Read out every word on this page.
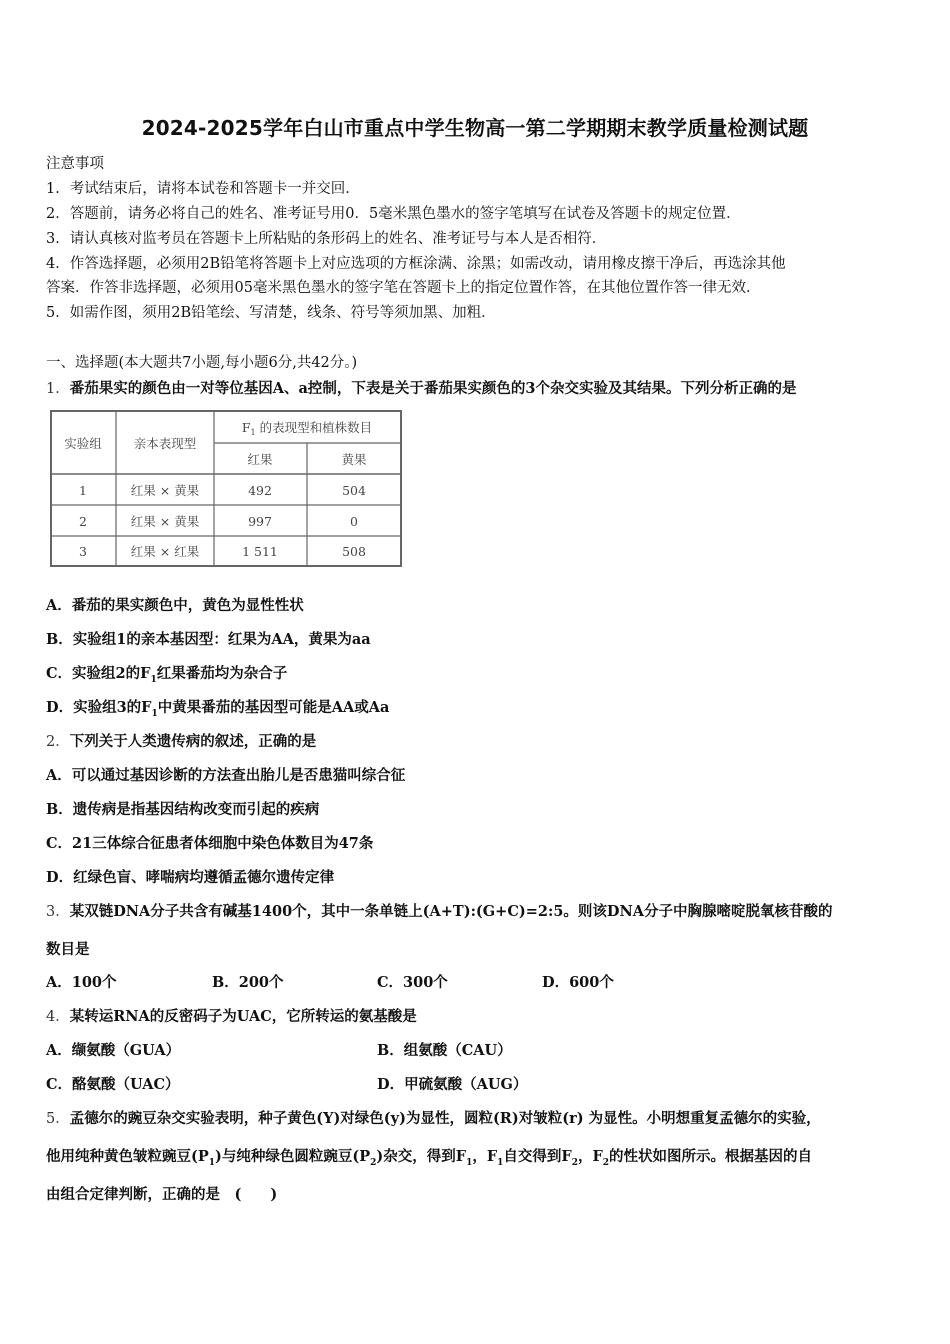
2024-2025学年白山市重点中学生物高一第二学期期末教学质量检测试题
注意事项
1．考试结束后，请将本试卷和答题卡一并交回．
2．答题前，请务必将自己的姓名、准考证号用0．5毫米黑色墨水的签字笔填写在试卷及答题卡的规定位置．
3．请认真核对监考员在答题卡上所粘贴的条形码上的姓名、准考证号与本人是否相符．
4．作答选择题，必须用2B铅笔将答题卡上对应选项的方框涂满、涂黑；如需改动，请用橡皮擦干净后，再选涂其他
答案．作答非选择题，必须用05毫米黑色墨水的签字笔在答题卡上的指定位置作答，在其他位置作答一律无效．
5．如需作图，须用2B铅笔绘、写清楚，线条、符号等须加黑、加粗．
一、选择题(本大题共7小题,每小题6分,共42分。)
1．番茄果实的颜色由一对等位基因A、a控制，下表是关于番茄果实颜色的3个杂交实验及其结果。下列分析正确的是
实验组	亲本表现型
$F_1$ 的表现型和植株数目
红果	黄果
1	红果 × 黄果	492	504
2	红果 × 黄果	997	0
3	红果 × 红果	1 511	508
A．番茄的果实颜色中，黄色为显性性状
B．实验组1的亲本基因型：红果为AA，黄果为aa
C．实验组2的$F_1$红果番茄均为杂合子
D．实验组3的$F_1$中黄果番茄的基因型可能是AA或Aa
2．下列关于人类遗传病的叙述，正确的是
A．可以通过基因诊断的方法查出胎儿是否患猫叫综合征
B．遗传病是指基因结构改变而引起的疾病
C．21三体综合征患者体细胞中染色体数目为47条
D．红绿色盲、哮喘病均遵循孟德尔遗传定律
3．某双链DNA分子共含有碱基1400个，其中一条单链上(A+T):(G+C)=2:5。则该DNA分子中胸腺嘧啶脱氧核苷酸的
数目是
A．100个	B．200个	C．300个	D．600个
4．某转运RNA的反密码子为UAC，它所转运的氨基酸是
A．缬氨酸（GUA）	B．组氨酸（CAU）
C．酪氨酸（UAC）	D．甲硫氨酸（AUG）
5．孟德尔的豌豆杂交实验表明，种子黄色(Y)对绿色(y)为显性，圆粒(R)对皱粒(r) 为显性。小明想重复孟德尔的实验，
他用纯种黄色皱粒豌豆$(P_1)$与纯种绿色圆粒豌豆$(P_2)$杂交，得到$F_1$，$F_1$自交得到$F_2$，$F_2$的性状如图所示。根据基因的自
由组合定律判断，正确的是　(　　)
